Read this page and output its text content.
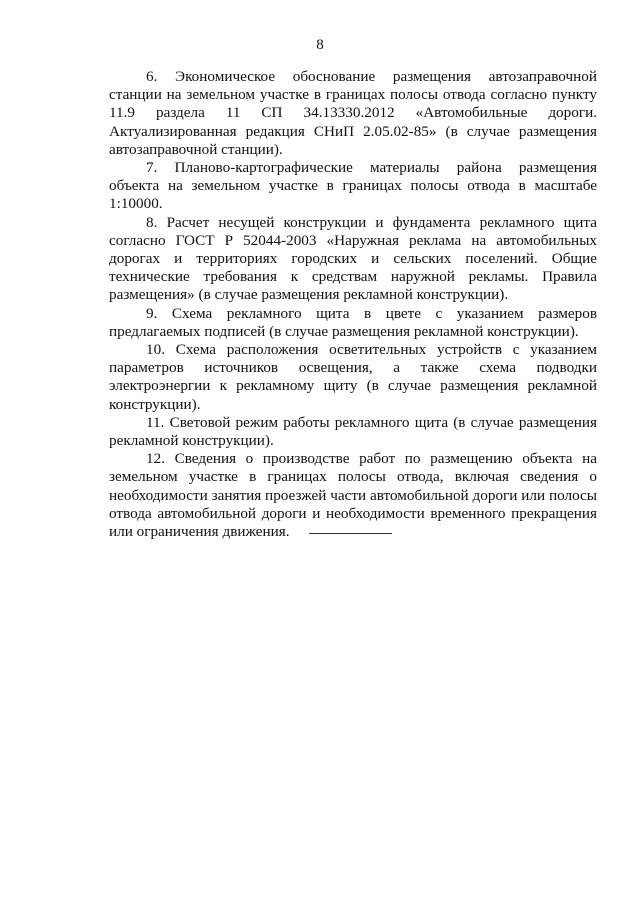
8

6. Экономическое обоснование размещения автозаправочной станции на земельном участке в границах полосы отвода согласно пункту 11.9 раздела 11 СП 34.13330.2012 «Автомобильные дороги. Актуализированная редакция СНиП 2.05.02-85» (в случае размещения автозаправочной станции).

7. Планово-картографические материалы района размещения объекта на земельном участке в границах полосы отвода в масштабе 1:10000.

8. Расчет несущей конструкции и фундамента рекламного щита согласно ГОСТ Р 52044-2003 «Наружная реклама на автомобильных дорогах и территориях городских и сельских поселений. Общие технические требования к средствам наружной рекламы. Правила размещения» (в случае размещения рекламной конструкции).

9. Схема рекламного щита в цвете с указанием размеров предлагаемых подписей (в случае размещения рекламной конструкции).

10. Схема расположения осветительных устройств с указанием параметров источников освещения, а также схема подводки электроэнергии к рекламному щиту (в случае размещения рекламной конструкции).

11. Световой режим работы рекламного щита (в случае размещения рекламной конструкции).

12. Сведения о производстве работ по размещению объекта на земельном участке в границах полосы отвода, включая сведения о необходимости занятия проезжей части автомобильной дороги или полосы отвода автомобильной дороги и необходимости временного прекращения или ограничения движения.
